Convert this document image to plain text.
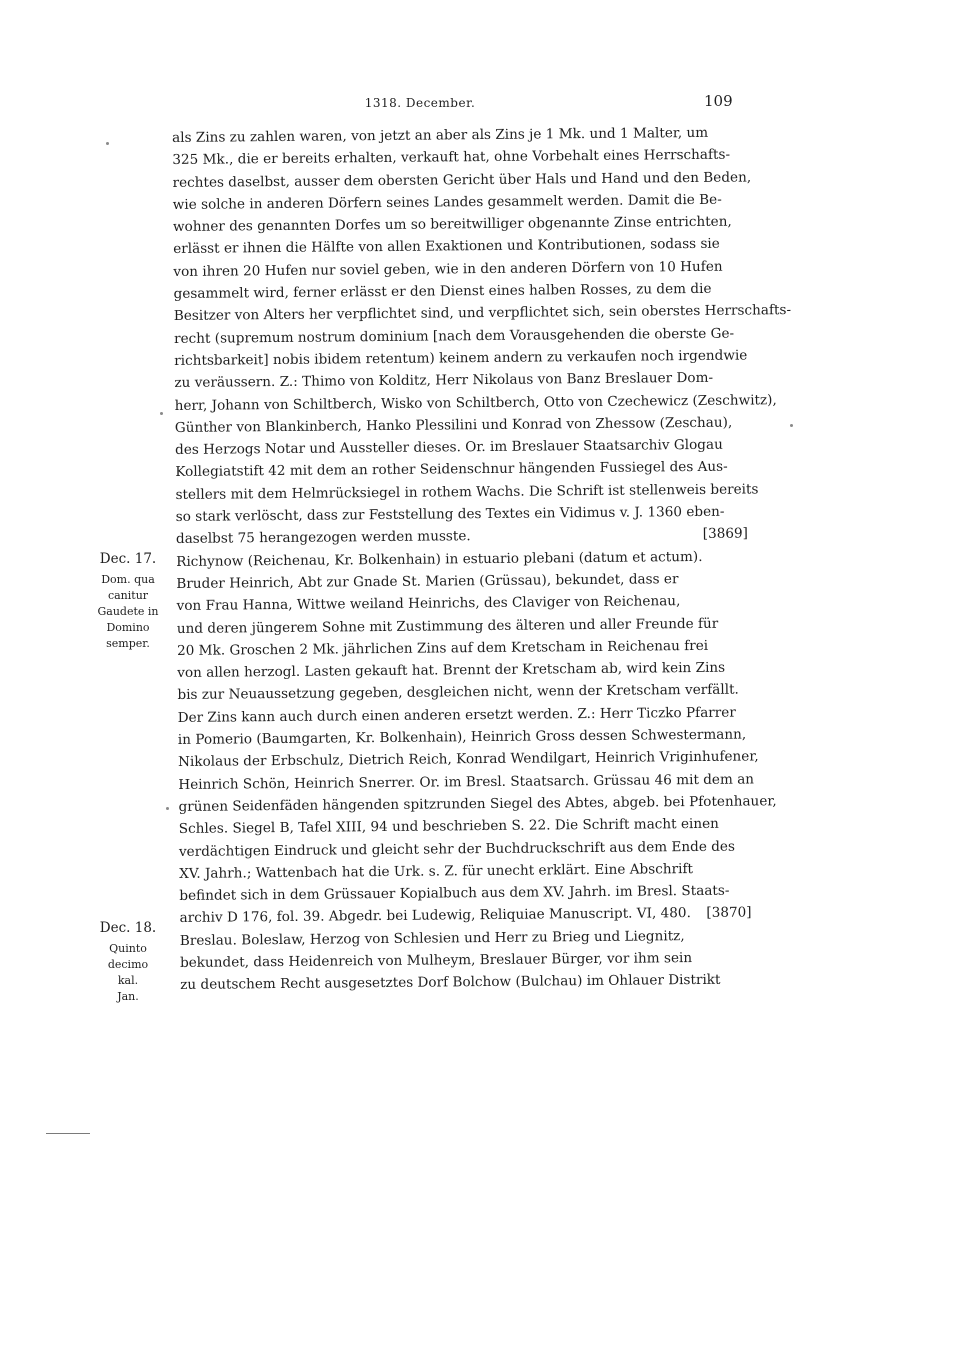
1318. December.	109
Dec. 17.
Dom. qua
canitur
Gaudete in
Domino
semper.
Dec. 18.
Quinto
decimo kal.
Jan.
als Zins zu zahlen waren, von jetzt an aber als Zins je 1 Mk. und 1 Malter, um
325 Mk., die er bereits erhalten, verkauft hat, ohne Vorbehalt eines Herrschafts-
rechtes daselbst, ausser dem obersten Gericht über Hals und Hand und den Beden,
wie solche in anderen Dörfern seines Landes gesammelt werden. Damit die Be-
wohner des genannten Dorfes um so bereitwilliger obgenannte Zinse entrichten,
erlässt er ihnen die Hälfte von allen Exaktionen und Kontributionen, sodass sie
von ihren 20 Hufen nur soviel geben, wie in den anderen Dörfern von 10 Hufen
gesammelt wird, ferner erlässt er den Dienst eines halben Rosses, zu dem die
Besitzer von Alters her verpflichtet sind, und verpflichtet sich, sein oberstes Herrschafts-
recht (supremum nostrum dominium [nach dem Vorausgehenden die oberste Ge-
richtsbarkeit] nobis ibidem retentum) keinem andern zu verkaufen noch irgendwie
zu veräussern. Z.: Thimo von Kolditz, Herr Nikolaus von Banz Breslauer Dom-
herr, Johann von Schiltberch, Wisko von Schiltberch, Otto von Czechewicz (Zeschwitz),
Günther von Blankinberch, Hanko Plessilini und Konrad von Zhessow (Zeschau),
des Herzogs Notar und Aussteller dieses. Or. im Breslauer Staatsarchiv Glogau
Kollegiatstift 42 mit dem an rother Seidenschnur hängenden Fussiegel des Aus-
stellers mit dem Helmrücksiegel in rothem Wachs. Die Schrift ist stellenweis bereits
so stark verlöscht, dass zur Feststellung des Textes ein Vidimus v. J. 1360 eben-
daselbst 75 herangezogen werden musste.	[3869]
Richynow (Reichenau, Kr. Bolkenhain) in estuario plebani (datum et actum).
Bruder Heinrich, Abt zur Gnade St. Marien (Grüssau), bekundet, dass er
von Frau Hanna, Wittwe weiland Heinrichs, des Claviger von Reichenau,
und deren jüngerem Sohne mit Zustimmung des älteren und aller Freunde für
20 Mk. Groschen 2 Mk. jährlichen Zins auf dem Kretscham in Reichenau frei
von allen herzogl. Lasten gekauft hat. Brennt der Kretscham ab, wird kein Zins
bis zur Neuaussetzung gegeben, desgleichen nicht, wenn der Kretscham verfällt.
Der Zins kann auch durch einen anderen ersetzt werden. Z.: Herr Ticzko Pfarrer
in Pomerio (Baumgarten, Kr. Bolkenhain), Heinrich Gross dessen Schwestermann,
Nikolaus der Erbschulz, Dietrich Reich, Konrad Wendilgart, Heinrich Vriginhufener,
Heinrich Schön, Heinrich Snerrer. Or. im Bresl. Staatsarch. Grüssau 46 mit dem an
grünen Seidenfäden hängenden spitzrunden Siegel des Abtes, abgeb. bei Pfotenhauer,
Schles. Siegel B, Tafel XIII, 94 und beschrieben S. 22. Die Schrift macht einen
verdächtigen Eindruck und gleicht sehr der Buchdruckschrift aus dem Ende des
XV. Jahrh.; Wattenbach hat die Urk. s. Z. für unecht erklärt. Eine Abschrift
befindet sich in dem Grüssauer Kopialbuch aus dem XV. Jahrh. im Bresl. Staats-
archiv D 176, fol. 39. Abgedr. bei Ludewig, Reliquiae Manuscript. VI, 480. [3870]
Breslau. Boleslaw, Herzog von Schlesien und Herr zu Brieg und Liegnitz,
bekundet, dass Heidenreich von Mulheym, Breslauer Bürger, vor ihm sein
zu deutschem Recht ausgesetztes Dorf Bolchow (Bulchau) im Ohlauer Distrikt
